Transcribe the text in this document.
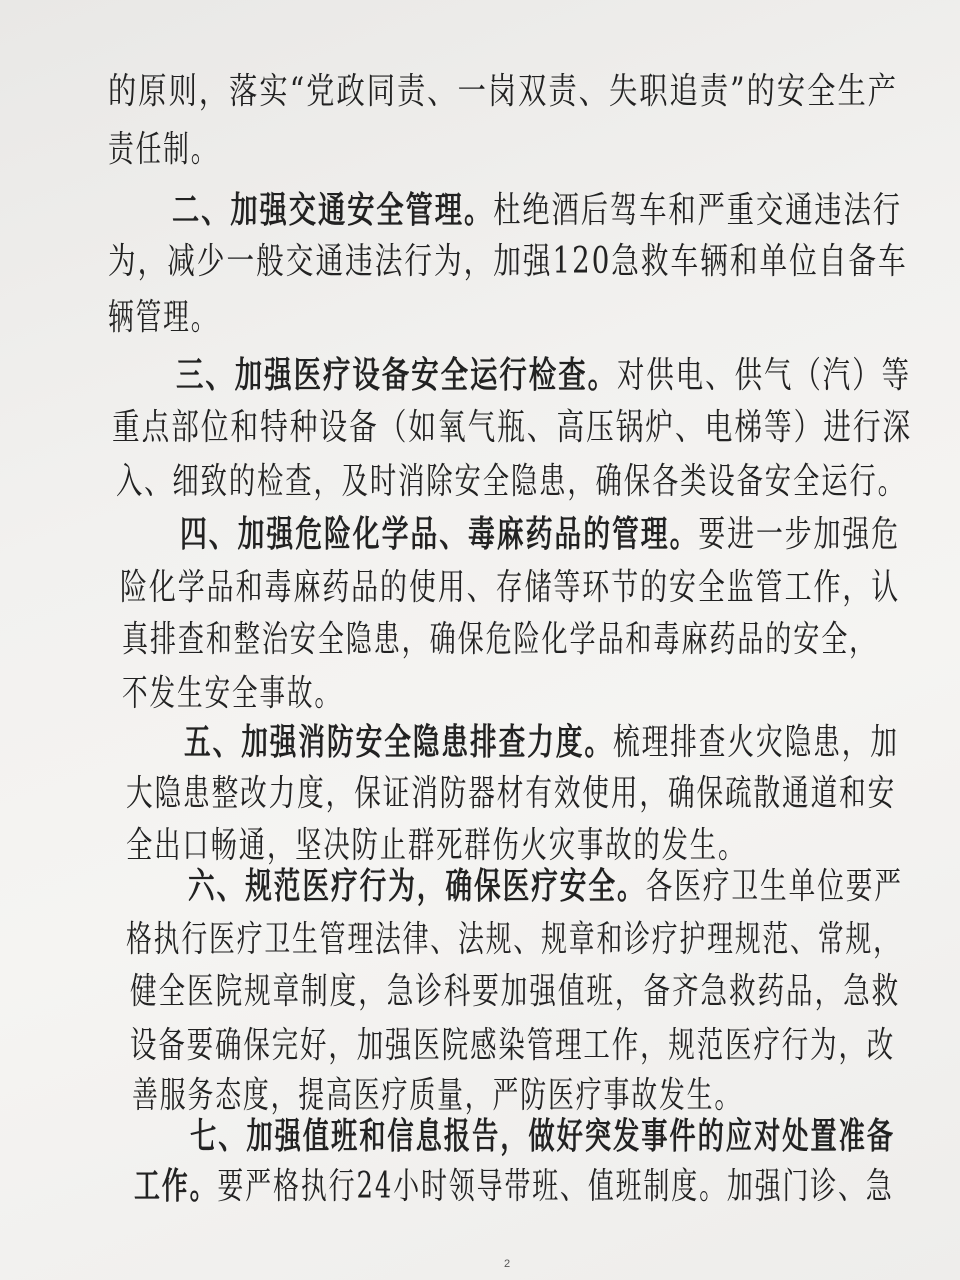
的原则，落实“党政同责、一岗双责、失职追责”的安全生产
责任制。
二、加强交通安全管理。杜绝酒后驾车和严重交通违法行
为，减少一般交通违法行为，加强120急救车辆和单位自备车
辆管理。
三、加强医疗设备安全运行检查。对供电、供气（汽）等
重点部位和特种设备（如氧气瓶、高压锅炉、电梯等）进行深
入、细致的检查，及时消除安全隐患，确保各类设备安全运行。
四、加强危险化学品、毒麻药品的管理。要进一步加强危
险化学品和毒麻药品的使用、存储等环节的安全监管工作，认
真排查和整治安全隐患，确保危险化学品和毒麻药品的安全，
不发生安全事故。
五、加强消防安全隐患排查力度。梳理排查火灾隐患，加
大隐患整改力度，保证消防器材有效使用，确保疏散通道和安
全出口畅通，坚决防止群死群伤火灾事故的发生。
六、规范医疗行为，确保医疗安全。各医疗卫生单位要严
格执行医疗卫生管理法律、法规、规章和诊疗护理规范、常规，
健全医院规章制度，急诊科要加强值班，备齐急救药品，急救
设备要确保完好，加强医院感染管理工作，规范医疗行为，改
善服务态度，提高医疗质量，严防医疗事故发生。
七、加强值班和信息报告，做好突发事件的应对处置准备
工作。要严格执行24小时领导带班、值班制度。加强门诊、急
2
